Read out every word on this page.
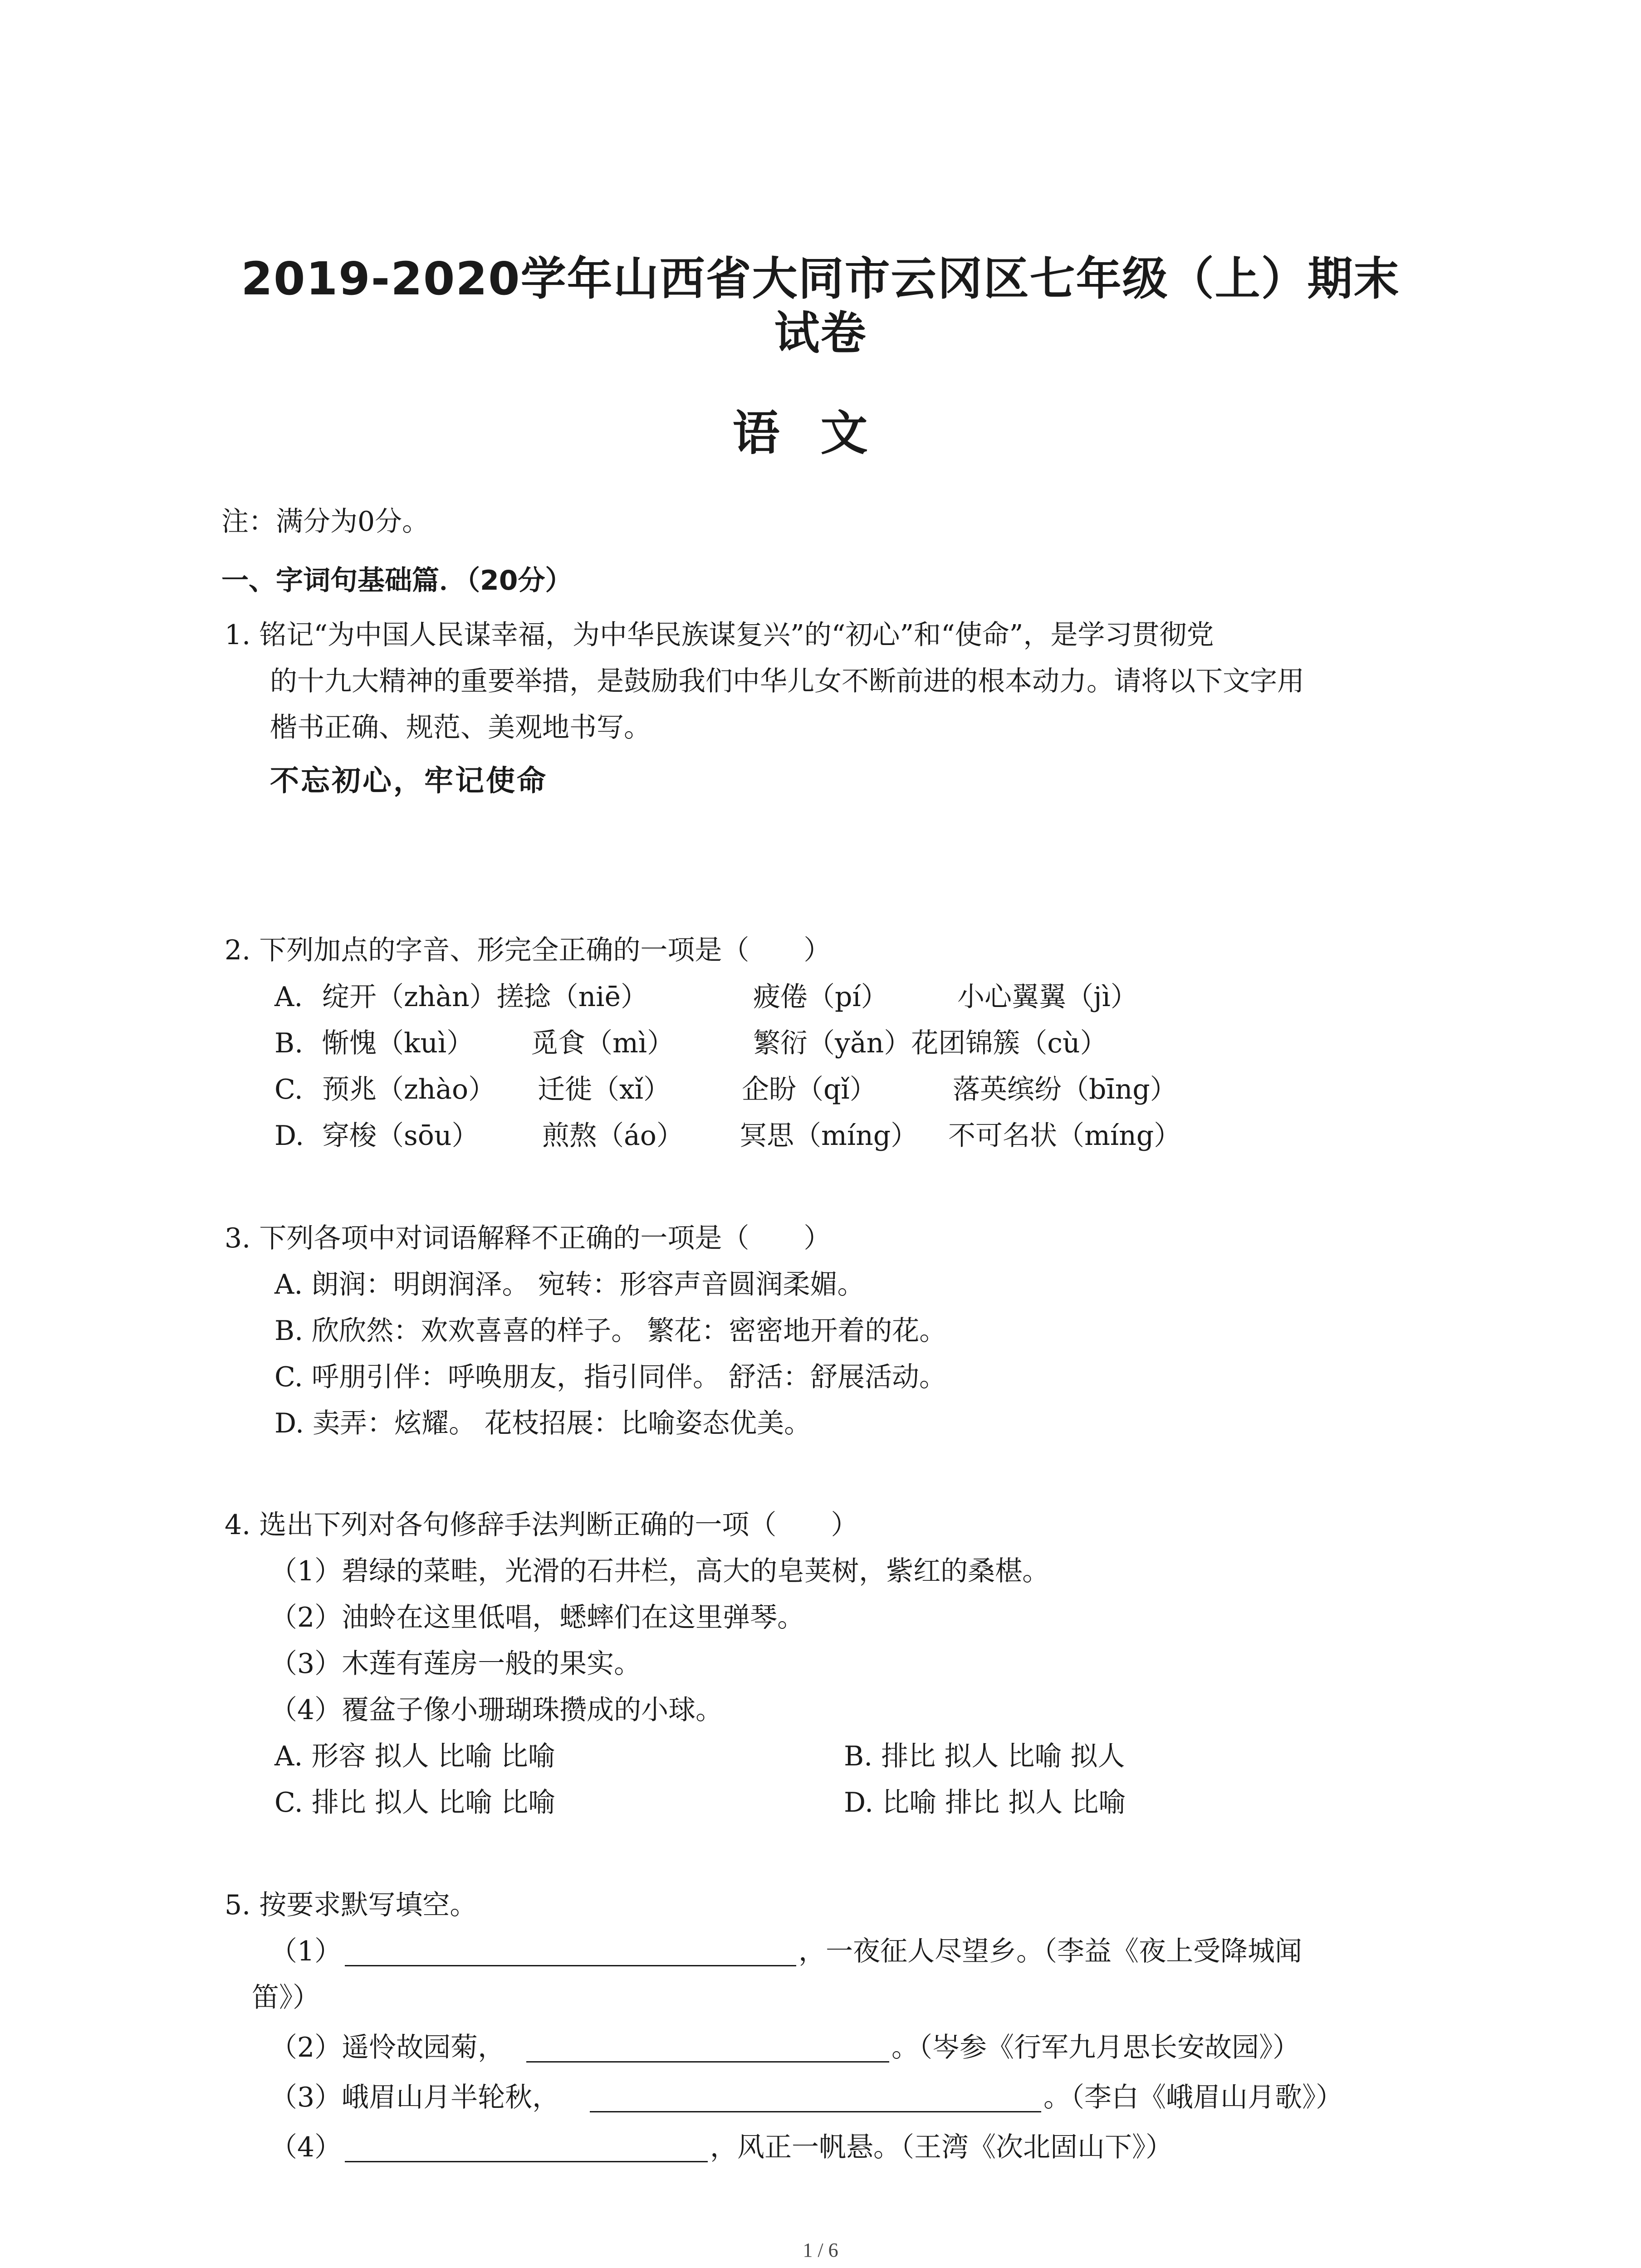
2019-2020学年山西省大同市云冈区七年级（上）期末
试卷
语文
注：满分为0分。
一、字词句基础篇．（20分）
1. 铭记“为中国人民谋幸福，为中华民族谋复兴”的“初心”和“使命”，是学习贯彻党
的十九大精神的重要举措，是鼓励我们中华儿女不断前进的根本动力。请将以下文字用
楷书正确、规范、美观地书写。
不忘初心，牢记使命
2. 下列加点的字音、形完全正确的一项是（　　）
A. 绽开（zhàn）搓捻（niē）	疲倦（pí）	小心翼翼（jì）
B. 惭愧（kuì） 觅食（mì）	繁衍（yǎn）花团锦簇（cù）
C. 预兆（zhào） 迁徙（xǐ）	企盼（qǐ）	落英缤纷（bīng）
D. 穿梭（sōu） 煎熬（áo） 冥思（míng） 不可名状（míng）
3. 下列各项中对词语解释不正确的一项是（　　）
A. 朗润：明朗润泽。 宛转：形容声音圆润柔媚。
B. 欣欣然：欢欢喜喜的样子。 繁花：密密地开着的花。
C. 呼朋引伴：呼唤朋友，指引同伴。 舒活：舒展活动。
D. 卖弄：炫耀。 花枝招展：比喻姿态优美。
4. 选出下列对各句修辞手法判断正确的一项（　　）
（1）碧绿的菜畦，光滑的石井栏，高大的皂荚树，紫红的桑椹。
（2）油蛉在这里低唱，蟋蟀们在这里弹琴。
（3）木莲有莲房一般的果实。
（4）覆盆子像小珊瑚珠攒成的小球。
A. 形容 拟人 比喻 比喻	B. 排比 拟人 比喻 拟人
C. 排比 拟人 比喻 比喻	D. 比喻 排比 拟人 比喻
5. 按要求默写填空。
（1）	，一夜征人尽望乡。（李益《夜上受降城闻
笛》）
（2）遥怜故园菊，	。（岑参《行军九月思长安故园》）
（3）峨眉山月半轮秋，	。（李白《峨眉山月歌》）
（4）	，风正一帆悬。（王湾《次北固山下》）
1 / 6
